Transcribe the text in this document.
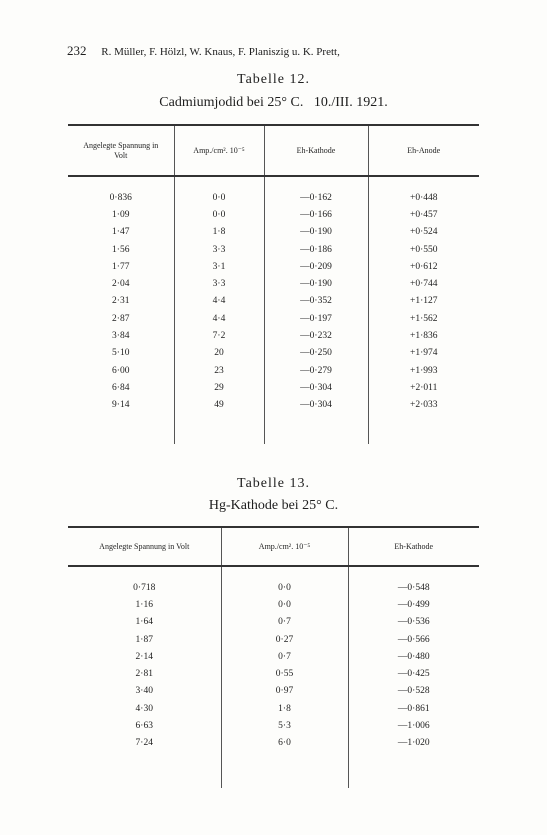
232 R. Müller, F. Hölzl, W. Knaus, F. Planiszig u. K. Prett,
Tabelle 12.
Cadmiumjodid bei 25° C.   10./III. 1921.
Angelegte Spannung in Volt	Amp./cm². 10⁻⁵	Eh-Kathode	Eh-Anode

0·836	0·0	—0·162	+0·448
1·09	0·0	—0·166	+0·457
1·47	1·8	—0·190	+0·524
1·56	3·3	—0·186	+0·550
1·77	3·1	—0·209	+0·612
2·04	3·3	—0·190	+0·744
2·31	4·4	—0·352	+1·127
2·87	4·4	—0·197	+1·562
3·84	7·2	—0·232	+1·836
5·10	20	—0·250	+1·974
6·00	23	—0·279	+1·993
6·84	29	—0·304	+2·011
9·14	49	—0·304	+2·033

Tabelle 13.
Hg-Kathode bei 25° C.
Angelegte Spannung in Volt	Amp./cm². 10⁻⁵	Eh-Kathode

0·718	0·0	—0·548
1·16	0·0	—0·499
1·64	0·7	—0·536
1·87	0·27	—0·566
2·14	0·7	—0·480
2·81	0·55	—0·425
3·40	0·97	—0·528
4·30	1·8	—0·861
6·63	5·3	—1·006
7·24	6·0	—1·020
